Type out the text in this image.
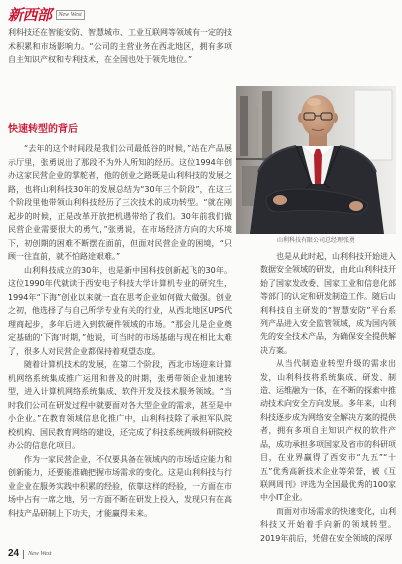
新西部	New West

利科技还在智能安防、智慧城市、工业互联网等领域有一定的技术积累和市场影响力。“公司的主营业务在西北地区，拥有多项自主知识产权和专利技术，在全国也处于领先地位。”

快速转型的背后

“去年的这个时间段是我们公司最低谷的时候，”站在产品展示厅里，张勇说出了那段不为外人所知的经历。这位1994年创办这家民营企业的掌舵者，他的创业之路既是山利科技的发展之路，也将山利科技30年的发展总结为“30年三个阶段”，在这三个阶段里他带领山利科技经历了三次技术的成功转型。“就在刚起步的时候，正是改革开放把机遇带给了我们。30年前我们做民营企业需要很大的勇气，”张勇说，在市场经济方向的大环境下，初创期的困难不断摆在面前，但面对民营企业的困境，“只顾一往直前，就不怕路途艰难。”

山利科技成立的30年，也是新中国科技创新起飞的30年。这位1990年代就读于西安电子科技大学计算机专业的研究生，1994年“下海”创业以来就一直在思考企业如何做大做强。创业之初，他选择了与自己所学专业有关的行业，从西北地区UPS代理商起步，多年后进入到软硬件领域的市场。“那会儿是企业奠定基础的‘下海’时期，”他说，可当时的市场基础与现在相比太难了，很多人对民营企业都保持着观望态度。

随着计算机技术的发展，在第二个阶段，西北市场迎来计算机网络系统集成推广运用和普及的时期，张勇带领企业加速转型，进入计算机网络系统集成、软件开发及技术服务领域。“当时我们公司在研发过程中就要面对各大型企业的需求，甚至是中小企业。”在教育领域信息化推广中，山利科技除了承担军队院校机构、国民教育网络的建设，还完成了科技系统两级科研院校办公的信息化项目。

作为一家民营企业，不仅要具备在领域内的市场适应能力和创新能力，还要能准确把握市场需求的变化。这是山利科技与行业企业在服务实践中积累的经验，依靠这样的经验，一方面在市场中占有一席之地，另一方面不断在研发上投入，发现只有在高科技产品研制上下功夫，才能赢得未来。

山利科技有限公司总经理张勇

也是从此时起，山利科技开始进入数据安全领域的研发，由此山利科技开始了国家发改委、国家工业和信息化部等部门的认定和研发制造工作。随后山利科技自主研发的“智慧安防”平台系列产品进入安全监管领域，成为国内领先的安全技术产品，为确保安全提供解决方案。

从当代制造业转型升级的需求出发，山利科技将系统集成、研发、制造、运维融为一体，在不断的探索中推动技术向安全方向发展。多年来，山利科技逐步成为网络安全解决方案的提供者，拥有多项自主知识产权的软件产品，成功承担多项国家及省市的科研项目，在业界赢得了西安市“九五”“十五”优秀高新技术企业等荣誉，被《互联网周刊》评选为全国最优秀的100家中小IT企业。

而面对市场需求的快速变化，山利科技又开始着手向新的领域转型。2019年前后，凭借在安全领域的深厚

24 New West
